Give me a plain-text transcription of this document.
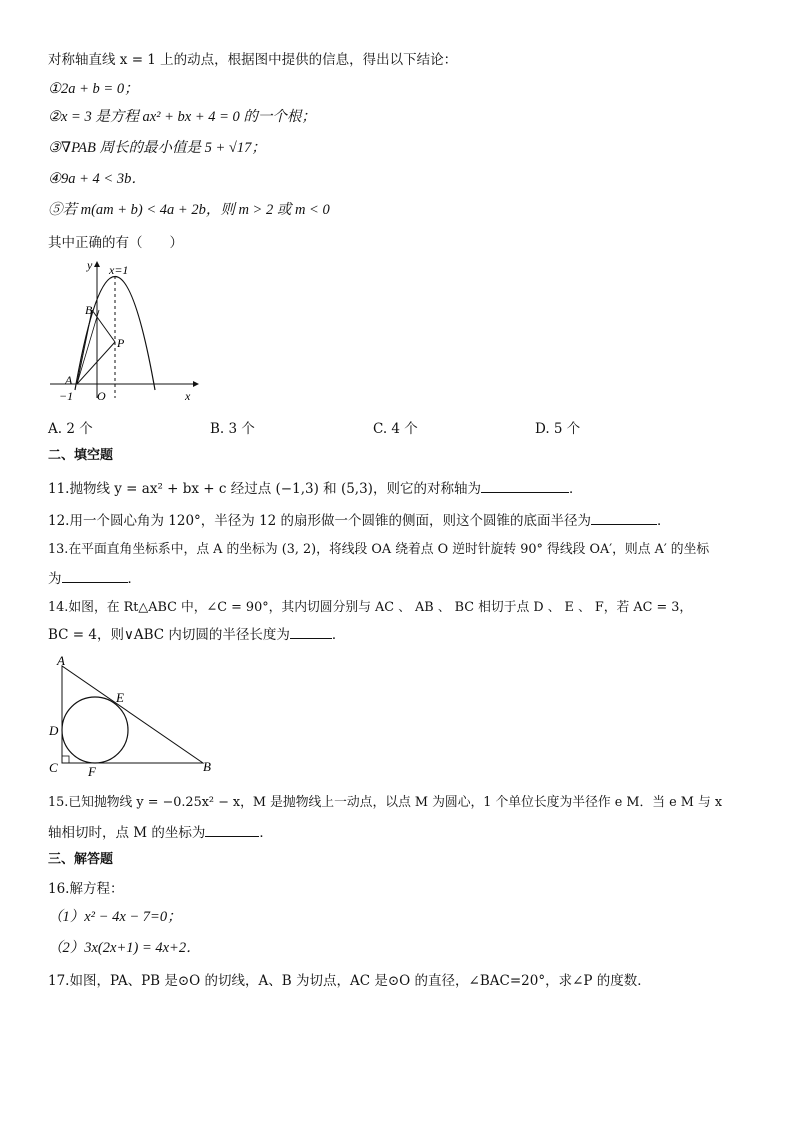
对称轴直线 x = 1 上的动点，根据图中提供的信息，得出以下结论：
①2a + b = 0；
②x = 3 是方程 ax² + bx + 4 = 0 的一个根；
③∇PAB 周长的最小值是 5 + √17；
④9a + 4 < 3b．
⑤若 m(am + b) < 4a + 2b，则 m > 2 或 m < 0
其中正确的有（　　）
x=1
y
x
B
P
A
−1 O
A. 2 个	B. 3 个	C. 4 个	D. 5 个
二、填空题
11.抛物线 y = ax² + bx + c 经过点 (−1,3) 和 (5,3)，则它的对称轴为	．
12.用一个圆心角为 120°，半径为 12 的扇形做一个圆锥的侧面，则这个圆锥的底面半径为	．
13.在平面直角坐标系中，点 A 的坐标为 (3, 2)，将线段 OA 绕着点 O 逆时针旋转 90° 得线段 OA′，则点 A′ 的坐标
为	．
14.如图，在 Rt△ABC 中，∠C = 90°，其内切圆分别与 AC 、 AB 、 BC 相切于点 D 、 E 、 F，若 AC = 3，
BC = 4，则∨ABC 内切圆的半径长度为	．
A
E
D
C F	B
15.已知抛物线 y = −0.25x² − x，M 是抛物线上一动点，以点 M 为圆心，1 个单位长度为半径作 e M．当 e M 与 x
轴相切时，点 M 的坐标为	．
三、解答题
16.解方程：
（1）x² − 4x − 7=0；
（2）3x(2x+1) = 4x+2．
17.如图，PA、PB 是⊙O 的切线，A、B 为切点，AC 是⊙O 的直径，∠BAC=20°，求∠P 的度数．
